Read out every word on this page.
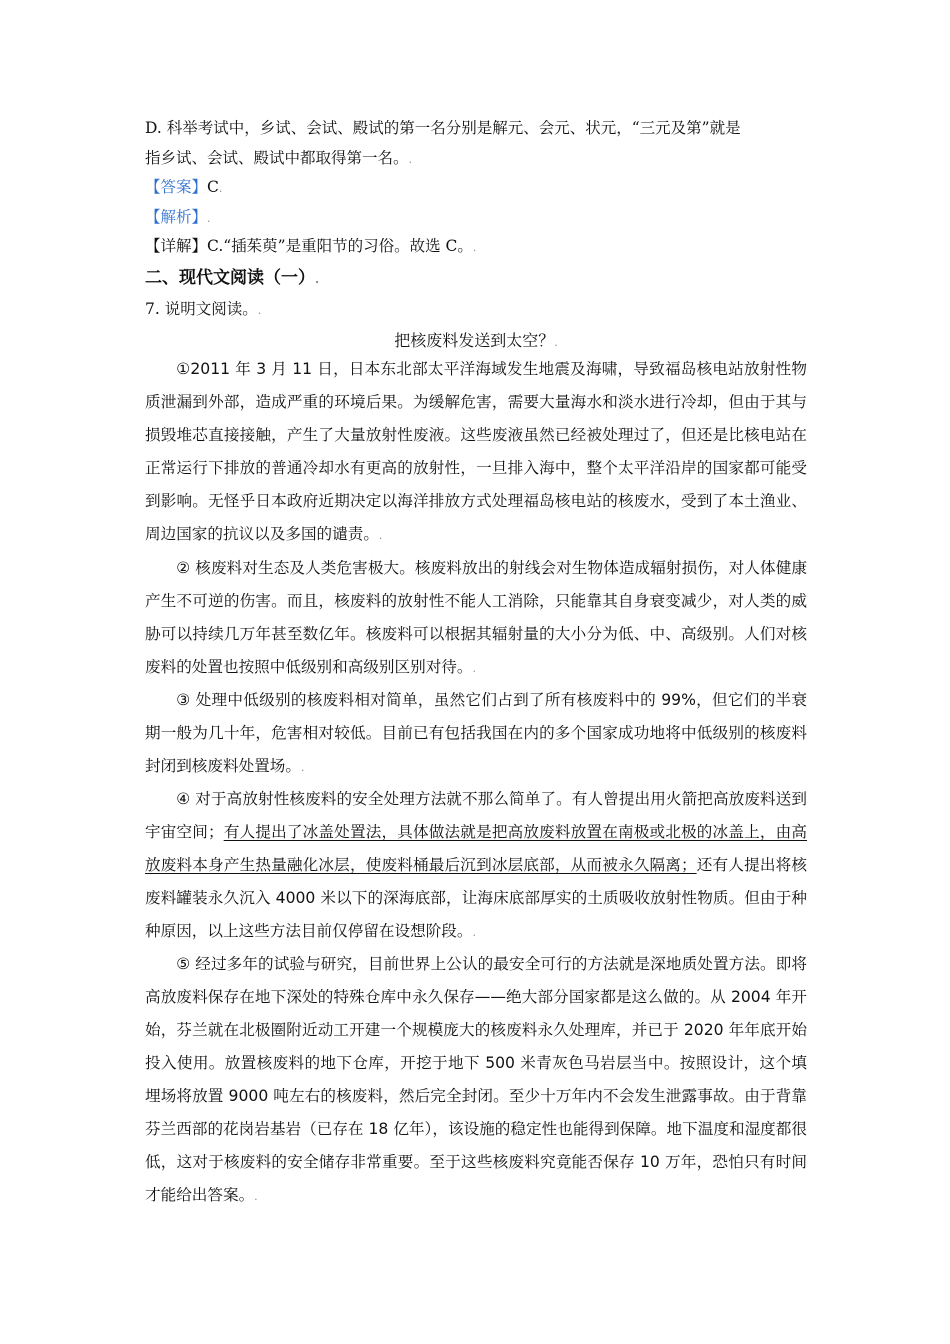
D. 科举考试中，乡试、会试、殿试的第一名分别是解元、会元、状元，“三元及第”就是
指乡试、会试、殿试中都取得第一名。.
【答案】C.
【解析】.
【详解】C.“插茱萸”是重阳节的习俗。故选 C。.
二、现代文阅读（一）.
7. 说明文阅读。.
把核废料发送到太空？.
①2011 年 3 月 11 日，日本东北部太平洋海域发生地震及海啸，导致福岛核电站放射性物质泄漏到外部，造成严重的环境后果。为缓解危害，需要大量海水和淡水进行冷却，但由于其与损毁堆芯直接接触，产生了大量放射性废液。这些废液虽然已经被处理过了，但还是比核电站在正常运行下排放的普通冷却水有更高的放射性，一旦排入海中，整个太平洋沿岸的国家都可能受到影响。无怪乎日本政府近期决定以海洋排放方式处理福岛核电站的核废水，受到了本土渔业、周边国家的抗议以及多国的谴责。.
② 核废料对生态及人类危害极大。核废料放出的射线会对生物体造成辐射损伤，对人体健康产生不可逆的伤害。而且，核废料的放射性不能人工消除，只能靠其自身衰变减少，对人类的威胁可以持续几万年甚至数亿年。核废料可以根据其辐射量的大小分为低、中、高级别。人们对核废料的处置也按照中低级别和高级别区别对待。.
③ 处理中低级别的核废料相对简单，虽然它们占到了所有核废料中的 99%，但它们的半衰期一般为几十年，危害相对较低。目前已有包括我国在内的多个国家成功地将中低级别的核废料封闭到核废料处置场。.
④ 对于高放射性核废料的安全处理方法就不那么简单了。有人曾提出用火箭把高放废料送到宇宙空间；有人提出了冰盖处置法，具体做法就是把高放废料放置在南极或北极的冰盖上，由高放废料本身产生热量融化冰层，使废料桶最后沉到冰层底部，从而被永久隔离；还有人提出将核废料罐装永久沉入 4000 米以下的深海底部，让海床底部厚实的土质吸收放射性物质。但由于种种原因，以上这些方法目前仅停留在设想阶段。.
⑤ 经过多年的试验与研究，目前世界上公认的最安全可行的方法就是深地质处置方法。即将高放废料保存在地下深处的特殊仓库中永久保存——绝大部分国家都是这么做的。从 2004 年开始，芬兰就在北极圈附近动工开建一个规模庞大的核废料永久处理库，并已于 2020 年年底开始投入使用。放置核废料的地下仓库，开挖于地下 500 米青灰色马岩层当中。按照设计，这个填埋场将放置 9000 吨左右的核废料，然后完全封闭。至少十万年内不会发生泄露事故。由于背靠芬兰西部的花岗岩基岩（已存在 18 亿年），该设施的稳定性也能得到保障。地下温度和湿度都很低，这对于核废料的安全储存非常重要。至于这些核废料究竟能否保存 10 万年，恐怕只有时间才能给出答案。.
